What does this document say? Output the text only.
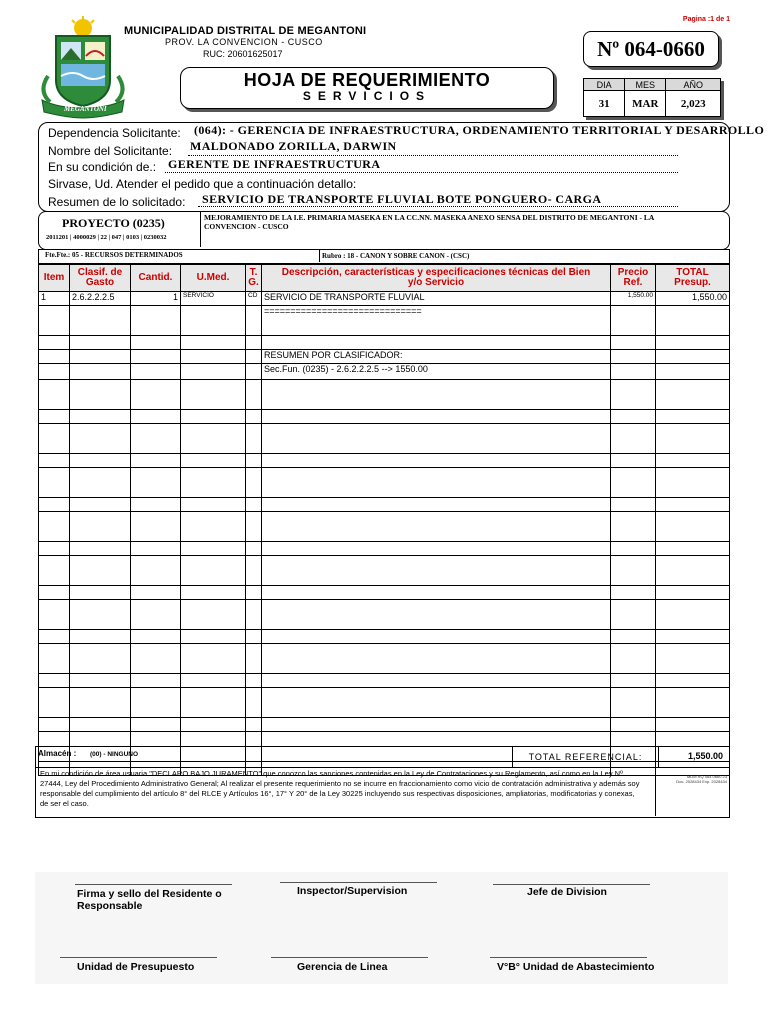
MEGANTONI
MUNICIPALIDAD DISTRITAL DE MEGANTONI
PROV. LA CONVENCION - CUSCO
RUC: 20601625017
Pagina :1 de 1
Nº 064-0660
HOJA DE REQUERIMIENTO
SERVICIOS
DIA	MES	AÑO
31	MAR	2,023
Dependencia Solicitante: (064): - GERENCIA DE INFRAESTRUCTURA, ORDENAMIENTO TERRITORIAL Y DESARROLLO
Nombre del Solicitante: MALDONADO ZORILLA, DARWIN
En su condición de.: GERENTE DE INFRAESTRUCTURA
Sirvase, Ud. Atender el pedido que a continuación detallo:
Resumen de lo solicitado: SERVICIO DE TRANSPORTE FLUVIAL BOTE PONGUERO- CARGA
PROYECTO (0235)
2011201 | 4000029 | 22 | 047 | 0103 | 0230032
MEJORAMIENTO DE LA I.E. PRIMARIA MASEKA EN LA CC.NN. MASEKA ANEXO SENSA DEL DISTRITO DE MEGANTONI - LA CONVENCION - CUSCO
Fte.Fte.: 05 - RECURSOS DETERMINADOS	Rubro : 18 - CANON Y SOBRE CANON - (CSC)
Item	Clasif. de Gasto	Cantid.	U.Med.	T. G.	Descripción, características y especificaciones técnicas del Bien y/o Servicio	Precio Ref.	TOTAL Presup.
1	2.6.2.2.2.5	1	SERVICIO	CD	SERVICIO DE TRANSPORTE FLUVIAL	1,550.00	1,550.00
					==============================		

					RESUMEN POR CLASIFICADOR:		
					Sec.Fun. (0235) - 2.6.2.2.2.5 --> 1550.00		

Almacén : (00) - NINGUNO	TOTAL REFERENCIAL:	1,550.00
En mi condición de área usuaria "DECLARO BAJO JURAMENTO" que conozco las sanciones contenidas en la Ley de Contrataciones y su Reglamento, así como en la Ley Nº 27444, Ley del Procedimiento Administrativo General; Al realizar el presente requerimiento no se incurre en fraccionamiento como vicio de contratación administrativa y además soy responsable del cumplimiento del artículo 8° del RLCE y Artículos 16°, 17° Y 20° de la Ley 30225 incluyendo sus respectivas disposiciones, ampliatorias, modificatorias y conexas, de ser el caso.
MDM RQ 064 0660 23
Doc. 2028434 Exp. 2028434
Firma y sello del Residente o Responsable
Inspector/Supervision	Jefe de Division
Unidad de Presupuesto	Gerencia de Linea	V°B° Unidad de Abastecimiento
